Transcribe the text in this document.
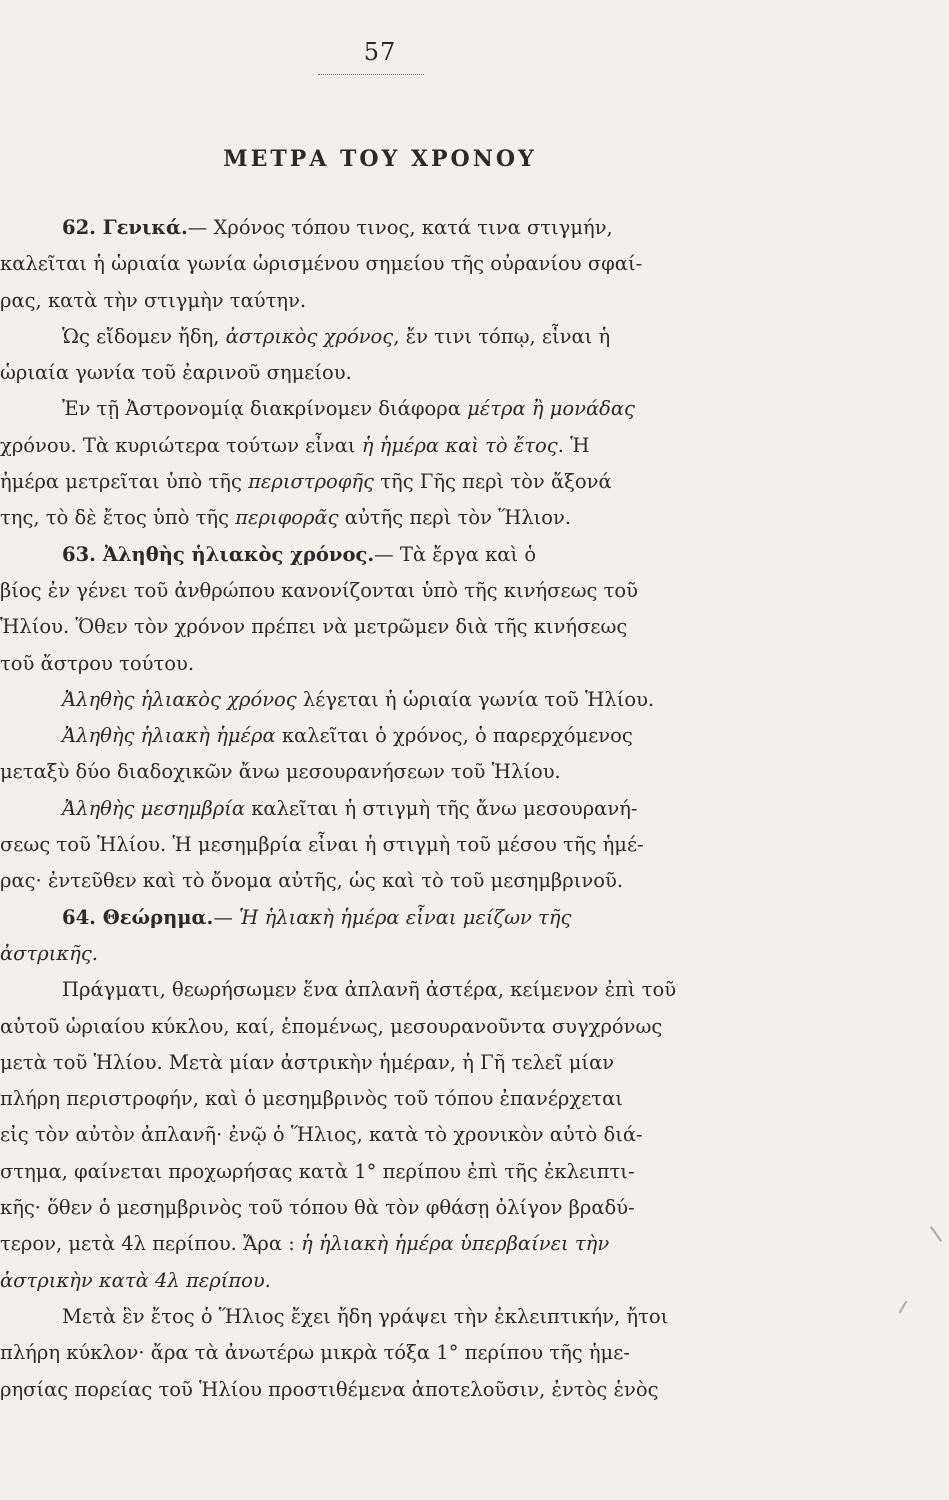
57
ΜΕΤΡΑ ΤΟΥ ΧΡΟΝΟΥ
62. Γενικά.— Χρόνος τόπου τινος, κατά τινα στιγμήν,
καλεῖται ἡ ὡριαία γωνία ὡρισμένου σημείου τῆς οὐρανίου σφαί-
ρας, κατὰ τὴν στιγμὴν ταύτην.
Ὡς εἴδομεν ἤδη, ἀστρικὸς χρόνος, ἔν τινι τόπῳ, εἶναι ἡ
ὡριαία γωνία τοῦ ἐαρινοῦ σημείου.
Ἐν τῇ Ἀστρονομίᾳ διακρίνομεν διάφορα μέτρα ἢ μονάδας
χρόνου. Τὰ κυριώτερα τούτων εἶναι ἡ ἡμέρα καὶ τὸ ἔτος. Ἡ
ἡμέρα μετρεῖται ὑπὸ τῆς περιστροφῆς τῆς Γῆς περὶ τὸν ἄξονά
της, τὸ δὲ ἔτος ὑπὸ τῆς περιφορᾶς αὐτῆς περὶ τὸν Ἥλιον.
63. Ἀληθὴς ἡλιακὸς χρόνος.— Τὰ ἔργα καὶ ὁ
βίος ἐν γένει τοῦ ἀνθρώπου κανονίζονται ὑπὸ τῆς κινήσεως τοῦ
Ἡλίου. Ὅθεν τὸν χρόνον πρέπει νὰ μετρῶμεν διὰ τῆς κινήσεως
τοῦ ἄστρου τούτου.
Ἀληθὴς ἡλιακὸς χρόνος λέγεται ἡ ὡριαία γωνία τοῦ Ἡλίου.
Ἀληθὴς ἡλιακὴ ἡμέρα καλεῖται ὁ χρόνος, ὁ παρερχόμενος
μεταξὺ δύο διαδοχικῶν ἄνω μεσουρανήσεων τοῦ Ἡλίου.
Ἀληθὴς μεσημβρία καλεῖται ἡ στιγμὴ τῆς ἄνω μεσουρανή-
σεως τοῦ Ἡλίου. Ἡ μεσημβρία εἶναι ἡ στιγμὴ τοῦ μέσου τῆς ἡμέ-
ρας· ἐντεῦθεν καὶ τὸ ὄνομα αὐτῆς, ὡς καὶ τὸ τοῦ μεσημβρινοῦ.
64. Θεώρημα.— Ἡ ἡλιακὴ ἡμέρα εἶναι μείζων τῆς
ἀστρικῆς.
Πράγματι, θεωρήσωμεν ἕνα ἀπλανῆ ἀστέρα, κείμενον ἐπὶ τοῦ
αὐτοῦ ὡριαίου κύκλου, καί, ἑπομένως, μεσουρανοῦντα συγχρόνως
μετὰ τοῦ Ἡλίου. Μετὰ μίαν ἀστρικὴν ἡμέραν, ἡ Γῆ τελεῖ μίαν
πλήρη περιστροφήν, καὶ ὁ μεσημβρινὸς τοῦ τόπου ἐπανέρχεται
εἰς τὸν αὐτὸν ἀπλανῆ· ἐνῷ ὁ Ἥλιος, κατὰ τὸ χρονικὸν αὐτὸ διά-
στημα, φαίνεται προχωρήσας κατὰ 1° περίπου ἐπὶ τῆς ἐκλειπτι-
κῆς· ὅθεν ὁ μεσημβρινὸς τοῦ τόπου θὰ τὸν φθάσῃ ὀλίγον βραδύ-
τερον, μετὰ 4λ περίπου. Ἄρα : ἡ ἡλιακὴ ἡμέρα ὑπερβαίνει τὴν
ἀστρικὴν κατὰ 4λ περίπου.
Μετὰ ἓν ἔτος ὁ Ἥλιος ἔχει ἤδη γράψει τὴν ἐκλειπτικήν, ἤτοι
πλήρη κύκλον· ἄρα τὰ ἀνωτέρω μικρὰ τόξα 1° περίπου τῆς ἡμε-
ρησίας πορείας τοῦ Ἡλίου προστιθέμενα ἀποτελοῦσιν, ἐντὸς ἑνὸς
